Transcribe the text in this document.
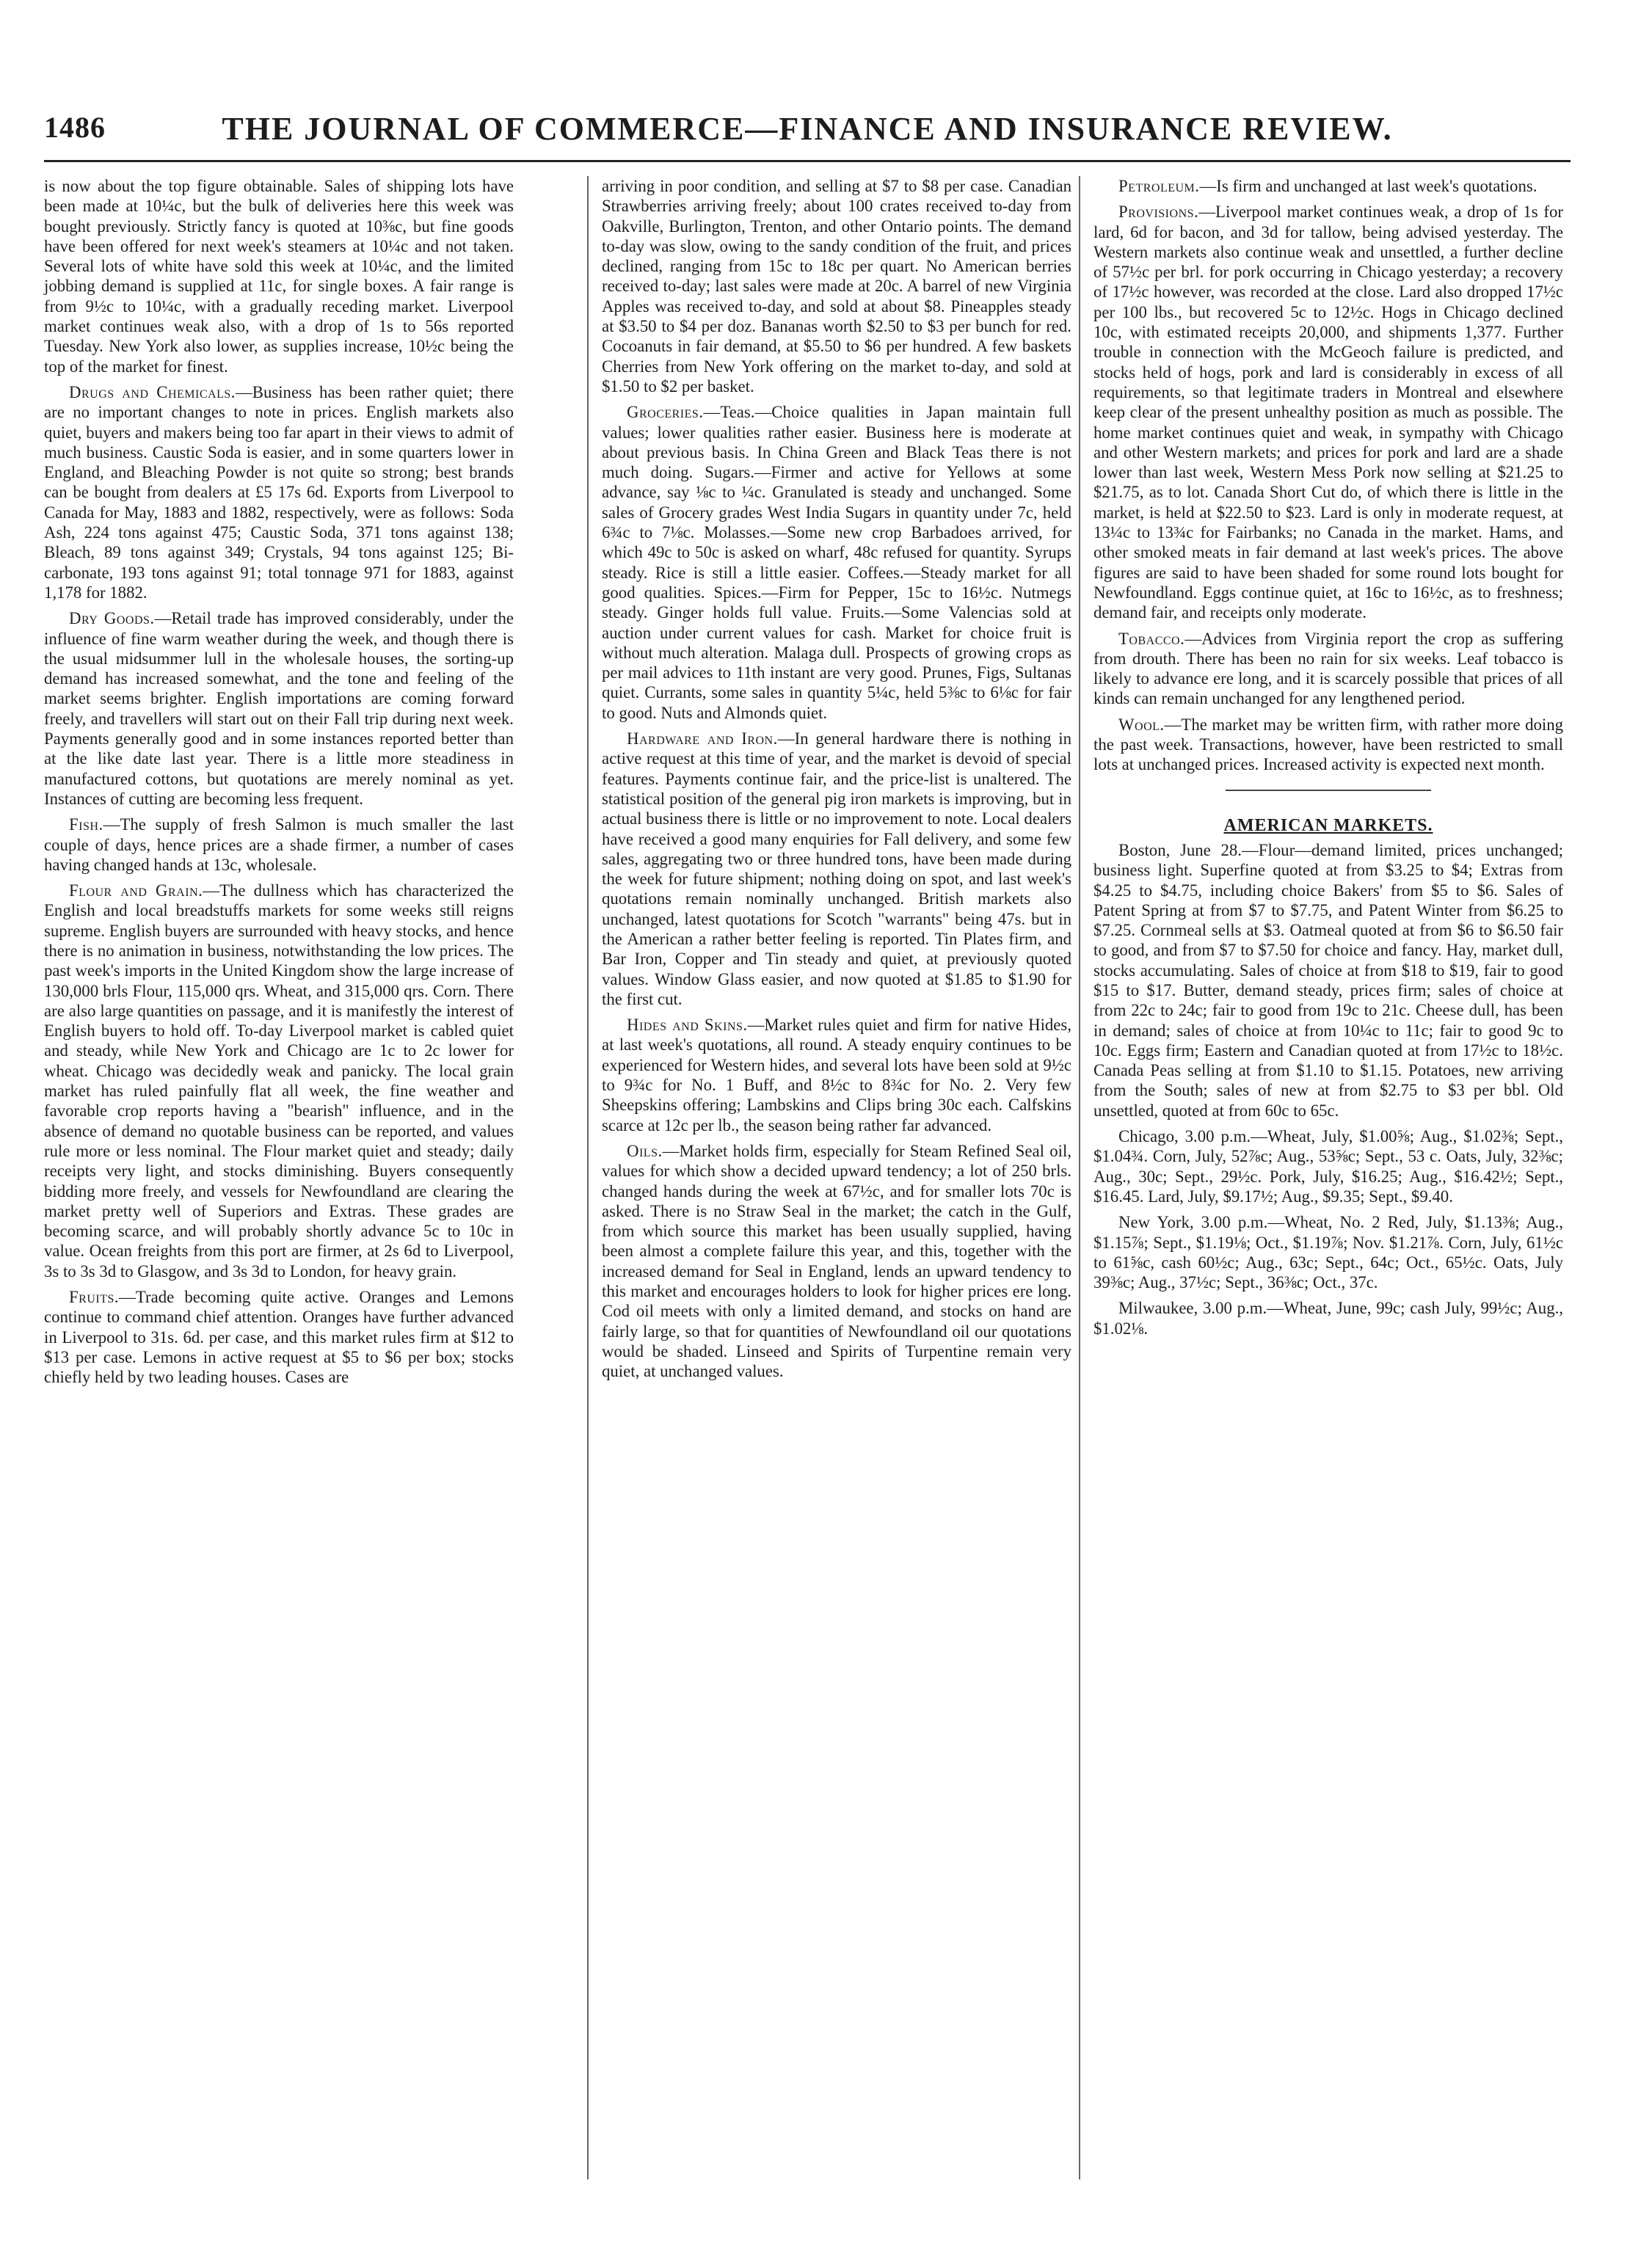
1486	THE JOURNAL OF COMMERCE—FINANCE AND INSURANCE REVIEW.

is now about the top figure obtainable. Sales of shipping lots have been made at 10¼c, but the bulk of deliveries here this week was bought previously. Strictly fancy is quoted at 10⅜c, but fine goods have been offered for next week's steamers at 10¼c and not taken. Several lots of white have sold this week at 10¼c, and the limited jobbing demand is supplied at 11c, for single boxes. A fair range is from 9½c to 10¼c, with a gradually receding market. Liverpool market continues weak also, with a drop of 1s to 56s reported Tuesday. New York also lower, as supplies increase, 10½c being the top of the market for finest.

Drugs and Chemicals.—Business has been rather quiet; there are no important changes to note in prices. English markets also quiet, buyers and makers being too far apart in their views to admit of much business. Caustic Soda is easier, and in some quarters lower in England, and Bleaching Powder is not quite so strong; best brands can be bought from dealers at £5 17s 6d. Exports from Liverpool to Canada for May, 1883 and 1882, respectively, were as follows: Soda Ash, 224 tons against 475; Caustic Soda, 371 tons against 138; Bleach, 89 tons against 349; Crystals, 94 tons against 125; Bi-carbonate, 193 tons against 91; total tonnage 971 for 1883, against 1,178 for 1882.

Dry Goods.—Retail trade has improved considerably, under the influence of fine warm weather during the week, and though there is the usual midsummer lull in the wholesale houses, the sorting-up demand has increased somewhat, and the tone and feeling of the market seems brighter. English importations are coming forward freely, and travellers will start out on their Fall trip during next week. Payments generally good and in some instances reported better than at the like date last year. There is a little more steadiness in manufactured cottons, but quotations are merely nominal as yet. Instances of cutting are becoming less frequent.

Fish.—The supply of fresh Salmon is much smaller the last couple of days, hence prices are a shade firmer, a number of cases having changed hands at 13c, wholesale.

Flour and Grain.—The dullness which has characterized the English and local breadstuffs markets for some weeks still reigns supreme. English buyers are surrounded with heavy stocks, and hence there is no animation in business, notwithstanding the low prices. The past week's imports in the United Kingdom show the large increase of 130,000 brls Flour, 115,000 qrs. Wheat, and 315,000 qrs. Corn. There are also large quantities on passage, and it is manifestly the interest of English buyers to hold off. To-day Liverpool market is cabled quiet and steady, while New York and Chicago are 1c to 2c lower for wheat. Chicago was decidedly weak and panicky. The local grain market has ruled painfully flat all week, the fine weather and favorable crop reports having a "bearish" influence, and in the absence of demand no quotable business can be reported, and values rule more or less nominal. The Flour market quiet and steady; daily receipts very light, and stocks diminishing. Buyers consequently bidding more freely, and vessels for Newfoundland are clearing the market pretty well of Superiors and Extras. These grades are becoming scarce, and will probably shortly advance 5c to 10c in value. Ocean freights from this port are firmer, at 2s 6d to Liverpool, 3s to 3s 3d to Glasgow, and 3s 3d to London, for heavy grain.

Fruits.—Trade becoming quite active. Oranges and Lemons continue to command chief attention. Oranges have further advanced in Liverpool to 31s. 6d. per case, and this market rules firm at $12 to $13 per case. Lemons in active request at $5 to $6 per box; stocks chiefly held by two leading houses. Cases are

arriving in poor condition, and selling at $7 to $8 per case. Canadian Strawberries arriving freely; about 100 crates received to-day from Oakville, Burlington, Trenton, and other Ontario points. The demand to-day was slow, owing to the sandy condition of the fruit, and prices declined, ranging from 15c to 18c per quart. No American berries received to-day; last sales were made at 20c. A barrel of new Virginia Apples was received to-day, and sold at about $8. Pineapples steady at $3.50 to $4 per doz. Bananas worth $2.50 to $3 per bunch for red. Cocoanuts in fair demand, at $5.50 to $6 per hundred. A few baskets Cherries from New York offering on the market to-day, and sold at $1.50 to $2 per basket.

Groceries.—Teas.—Choice qualities in Japan maintain full values; lower qualities rather easier. Business here is moderate at about previous basis. In China Green and Black Teas there is not much doing. Sugars.—Firmer and active for Yellows at some advance, say ⅛c to ¼c. Granulated is steady and unchanged. Some sales of Grocery grades West India Sugars in quantity under 7c, held 6¾c to 7⅛c. Molasses.—Some new crop Barbadoes arrived, for which 49c to 50c is asked on wharf, 48c refused for quantity. Syrups steady. Rice is still a little easier. Coffees.—Steady market for all good qualities. Spices.—Firm for Pepper, 15c to 16½c. Nutmegs steady. Ginger holds full value. Fruits.—Some Valencias sold at auction under current values for cash. Market for choice fruit is without much alteration. Malaga dull. Prospects of growing crops as per mail advices to 11th instant are very good. Prunes, Figs, Sultanas quiet. Currants, some sales in quantity 5¼c, held 5⅜c to 6⅛c for fair to good. Nuts and Almonds quiet.

Hardware and Iron.—In general hardware there is nothing in active request at this time of year, and the market is devoid of special features. Payments continue fair, and the price-list is unaltered. The statistical position of the general pig iron markets is improving, but in actual business there is little or no improvement to note. Local dealers have received a good many enquiries for Fall delivery, and some few sales, aggregating two or three hundred tons, have been made during the week for future shipment; nothing doing on spot, and last week's quotations remain nominally unchanged. British markets also unchanged, latest quotations for Scotch "warrants" being 47s. but in the American a rather better feeling is reported. Tin Plates firm, and Bar Iron, Copper and Tin steady and quiet, at previously quoted values. Window Glass easier, and now quoted at $1.85 to $1.90 for the first cut.

Hides and Skins.—Market rules quiet and firm for native Hides, at last week's quotations, all round. A steady enquiry continues to be experienced for Western hides, and several lots have been sold at 9½c to 9¾c for No. 1 Buff, and 8½c to 8¾c for No. 2. Very few Sheepskins offering; Lambskins and Clips bring 30c each. Calfskins scarce at 12c per lb., the season being rather far advanced.

Oils.—Market holds firm, especially for Steam Refined Seal oil, values for which show a decided upward tendency; a lot of 250 brls. changed hands during the week at 67½c, and for smaller lots 70c is asked. There is no Straw Seal in the market; the catch in the Gulf, from which source this market has been usually supplied, having been almost a complete failure this year, and this, together with the increased demand for Seal in England, lends an upward tendency to this market and encourages holders to look for higher prices ere long. Cod oil meets with only a limited demand, and stocks on hand are fairly large, so that for quantities of Newfoundland oil our quotations would be shaded. Linseed and Spirits of Turpentine remain very quiet, at unchanged values.

Petroleum.—Is firm and unchanged at last week's quotations.

Provisions.—Liverpool market continues weak, a drop of 1s for lard, 6d for bacon, and 3d for tallow, being advised yesterday. The Western markets also continue weak and unsettled, a further decline of 57½c per brl. for pork occurring in Chicago yesterday; a recovery of 17½c however, was recorded at the close. Lard also dropped 17½c per 100 lbs., but recovered 5c to 12½c. Hogs in Chicago declined 10c, with estimated receipts 20,000, and shipments 1,377. Further trouble in connection with the McGeoch failure is predicted, and stocks held of hogs, pork and lard is considerably in excess of all requirements, so that legitimate traders in Montreal and elsewhere keep clear of the present unhealthy position as much as possible. The home market continues quiet and weak, in sympathy with Chicago and other Western markets; and prices for pork and lard are a shade lower than last week, Western Mess Pork now selling at $21.25 to $21.75, as to lot. Canada Short Cut do, of which there is little in the market, is held at $22.50 to $23. Lard is only in moderate request, at 13¼c to 13¾c for Fairbanks; no Canada in the market. Hams, and other smoked meats in fair demand at last week's prices. The above figures are said to have been shaded for some round lots bought for Newfoundland. Eggs continue quiet, at 16c to 16½c, as to freshness; demand fair, and receipts only moderate.

Tobacco.—Advices from Virginia report the crop as suffering from drouth. There has been no rain for six weeks. Leaf tobacco is likely to advance ere long, and it is scarcely possible that prices of all kinds can remain unchanged for any lengthened period.

Wool.—The market may be written firm, with rather more doing the past week. Transactions, however, have been restricted to small lots at unchanged prices. Increased activity is expected next month.

AMERICAN MARKETS.

Boston, June 28.—Flour—demand limited, prices unchanged; business light. Superfine quoted at from $3.25 to $4; Extras from $4.25 to $4.75, including choice Bakers' from $5 to $6. Sales of Patent Spring at from $7 to $7.75, and Patent Winter from $6.25 to $7.25. Cornmeal sells at $3. Oatmeal quoted at from $6 to $6.50 fair to good, and from $7 to $7.50 for choice and fancy. Hay, market dull, stocks accumulating. Sales of choice at from $18 to $19, fair to good $15 to $17. Butter, demand steady, prices firm; sales of choice at from 22c to 24c; fair to good from 19c to 21c. Cheese dull, has been in demand; sales of choice at from 10¼c to 11c; fair to good 9c to 10c. Eggs firm; Eastern and Canadian quoted at from 17½c to 18½c. Canada Peas selling at from $1.10 to $1.15. Potatoes, new arriving from the South; sales of new at from $2.75 to $3 per bbl. Old unsettled, quoted at from 60c to 65c.

Chicago, 3.00 p.m.—Wheat, July, $1.00⅝; Aug., $1.02⅜; Sept., $1.04¾. Corn, July, 52⅞c; Aug., 53⅝c; Sept., 53 c. Oats, July, 32⅜c; Aug., 30c; Sept., 29½c. Pork, July, $16.25; Aug., $16.42½; Sept., $16.45. Lard, July, $9.17½; Aug., $9.35; Sept., $9.40.

New York, 3.00 p.m.—Wheat, No. 2 Red, July, $1.13⅜; Aug., $1.15⅞; Sept., $1.19⅛; Oct., $1.19⅞; Nov. $1.21⅞. Corn, July, 61½c to 61⅝c, cash 60½c; Aug., 63c; Sept., 64c; Oct., 65½c. Oats, July 39⅜c; Aug., 37½c; Sept., 36⅜c; Oct., 37c.

Milwaukee, 3.00 p.m.—Wheat, June, 99c; cash July, 99½c; Aug., $1.02⅛.
